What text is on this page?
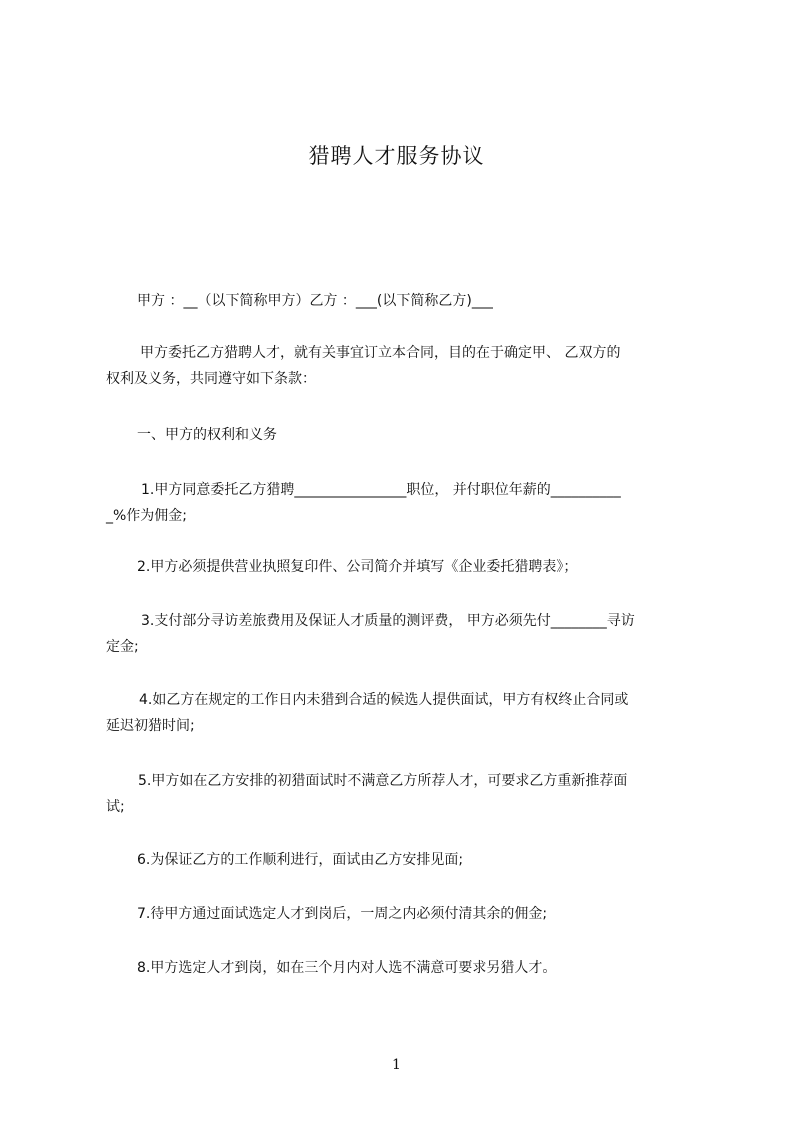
猎聘人才服务协议
甲方 ：__（以下简称甲方）乙方 ：___(以下简称乙方)___
甲方委托乙方猎聘人才，就有关事宜订立本合同，目的在于确定甲、 乙双方的
权利及义务，共同遵守如下条款：
一、甲方的权利和义务
1.甲方同意委托乙方猎聘________________职位， 并付职位年薪的__________
_%作为佣金;
2.甲方必须提供营业执照复印件、公司简介并填写《企业委托猎聘表》；
3.支付部分寻访差旅费用及保证人才质量的测评费， 甲方必须先付________寻访
定金;
4.如乙方在规定的工作日内未猎到合适的候选人提供面试，甲方有权终止合同或
延迟初猎时间;
5.甲方如在乙方安排的初猎面试时不满意乙方所荐人才，可要求乙方重新推荐面
试;
6.为保证乙方的工作顺利进行，面试由乙方安排见面;
7.待甲方通过面试选定人才到岗后，一周之内必须付清其余的佣金;
8.甲方选定人才到岗，如在三个月内对人选不满意可要求另猎人才。
1
